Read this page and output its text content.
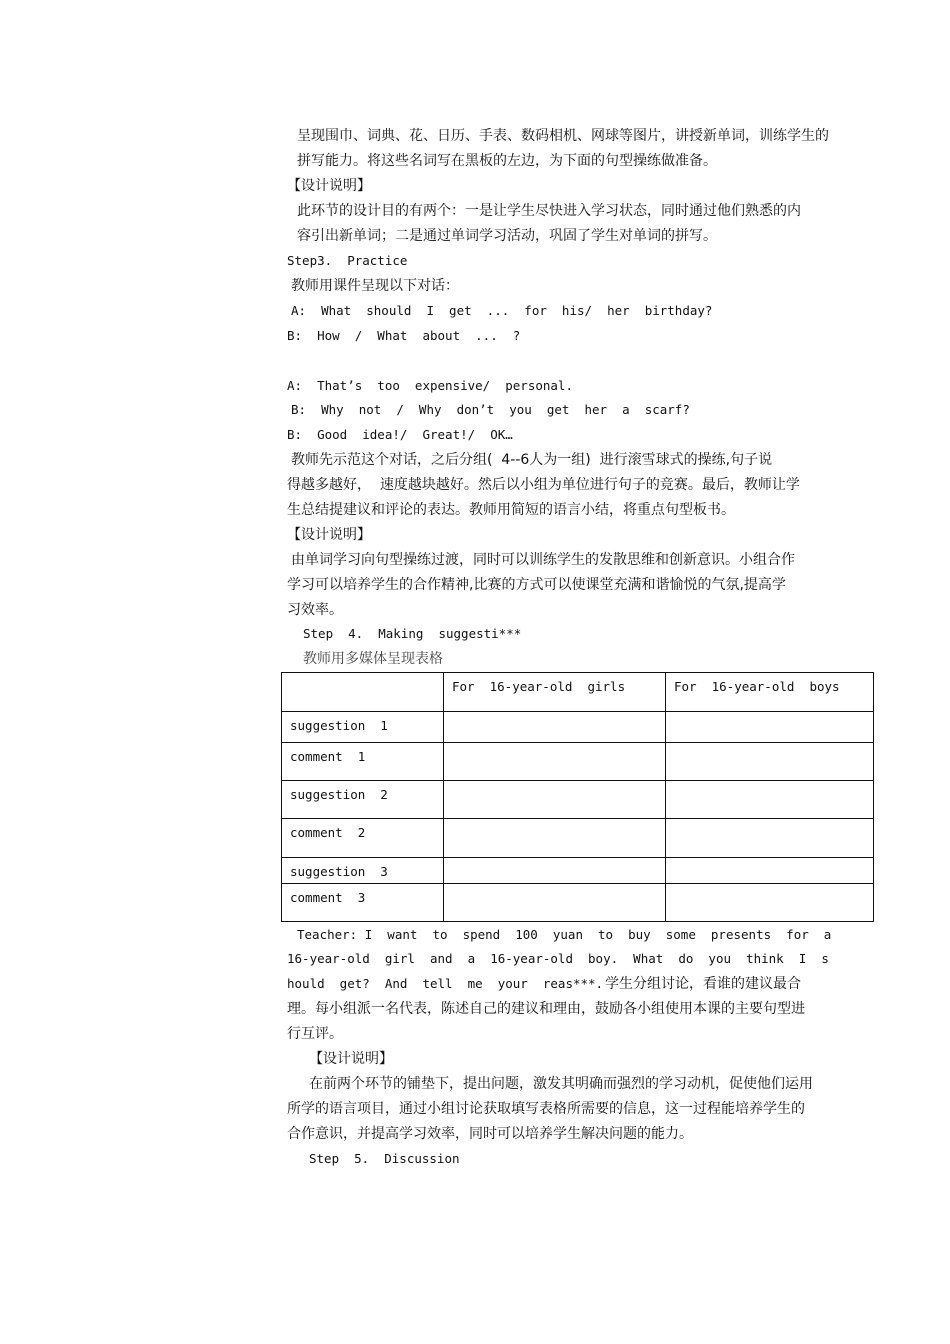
呈现围巾、词典、花、日历、手表、数码相机、网球等图片，讲授新单词，训练学生的
拼写能力。将这些名词写在黑板的左边，为下面的句型操练做准备。
【设计说明】
此环节的设计目的有两个：一是让学生尽快进入学习状态，同时通过他们熟悉的内
容引出新单词；二是通过单词学习活动，巩固了学生对单词的拼写。
Step3.  Practice
教师用课件呈现以下对话：
A:  What  should  I  get  ...  for  his/  her  birthday?
B:  How  /  What  about  ...  ?
A:  That’s  too  expensive/  personal.
B:  Why  not  /  Why  don’t  you  get  her  a  scarf?
B:  Good  idea!/  Great!/  OK…
教师先示范这个对话，之后分组(  4--6人为一组)  进行滚雪球式的操练,句子说
得越多越好，  速度越块越好。然后以小组为单位进行句子的竞赛。最后，教师让学
生总结提建议和评论的表达。教师用简短的语言小结，将重点句型板书。
【设计说明】
由单词学习向句型操练过渡，同时可以训练学生的发散思维和创新意识。小组合作
学习可以培养学生的合作精神,比赛的方式可以使课堂充满和谐愉悦的气氛,提高学
习效率。
Step  4.  Making  suggesti***
教师用多媒体呈现表格
	For  16-year-old  girls	For  16-year-old  boys
suggestion  1		
comment  1		
suggestion  2		
comment  2		
suggestion  3		
comment  3		
Teacher: I  want  to  spend  100  yuan  to  buy  some  presents  for  a
16-year-old  girl  and  a  16-year-old  boy.  What  do  you  think  I  s
hould  get?  And  tell  me  your  reas***. 学生分组讨论，看谁的建议最合
理。每小组派一名代表，陈述自己的建议和理由，鼓励各小组使用本课的主要句型进
行互评。
【设计说明】
在前两个环节的铺垫下，提出问题，激发其明确而强烈的学习动机，促使他们运用
所学的语言项目，通过小组讨论获取填写表格所需要的信息，这一过程能培养学生的
合作意识，并提高学习效率，同时可以培养学生解决问题的能力。
Step  5.  Discussion
